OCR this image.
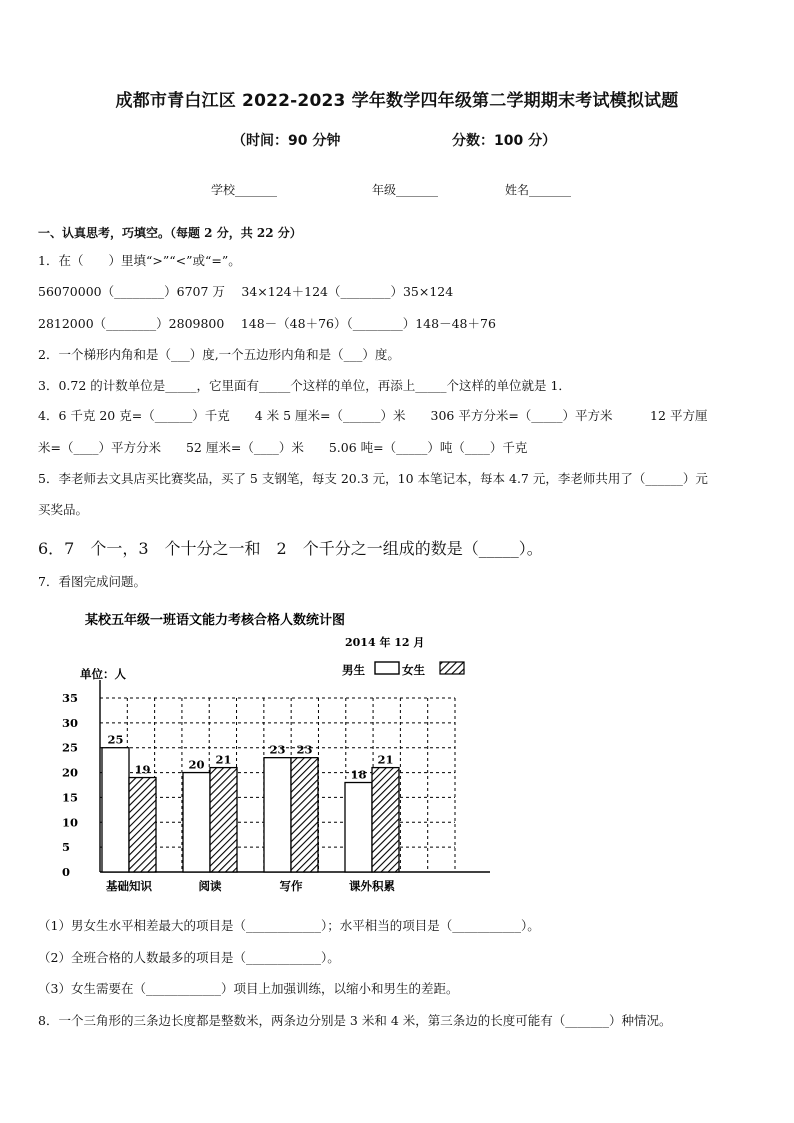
成都市青白江区 2022-2023 学年数学四年级第二学期期末考试模拟试题
（时间：90 分钟	分数：100 分）
学校_______	年级_______	姓名_______
一、认真思考，巧填空。（每题 2 分，共 22 分）
1．在（　　）里填“>”“<”或“=”。
56070000（________）6707 万　 34×124＋124（________）35×124
2812000（________）2809800　 148－（48＋76）（________）148－48＋76
2．一个梯形内角和是（___）度,一个五边形内角和是（___）度。
3．0.72 的计数单位是_____，它里面有_____个这样的单位，再添上_____个这样的单位就是 1．
4．6 千克 20 克=（______）千克　　4 米 5 厘米=（______）米　　306 平方分米=（_____）平方米　　　12 平方厘
米=（____）平方分米　　52 厘米=（____）米　　5.06 吨=（_____）吨（____）千克
5．李老师去文具店买比赛奖品，买了 5 支钢笔，每支 20.3 元，10 本笔记本，每本 4.7 元，李老师共用了（______）元
买奖品。
6．7　个一，3　个十分之一和　2　个千分之一组成的数是（_____）。
7．看图完成问题。
某校五年级一班语文能力考核合格人数统计图
2014 年 12 月
单位：人	男生	女生
0
5
10
15
20
25
30
35
25
19
基础知识
20 21
阅读
23 23
写作
18
21
课外积累
（1）男女生水平相差最大的项目是（____________）；水平相当的项目是（___________）。
（2）全班合格的人数最多的项目是（____________）。
（3）女生需要在（____________）项目上加强训练，以缩小和男生的差距。
8．一个三角形的三条边长度都是整数米，两条边分别是 3 米和 4 米，第三条边的长度可能有（_______）种情况。
